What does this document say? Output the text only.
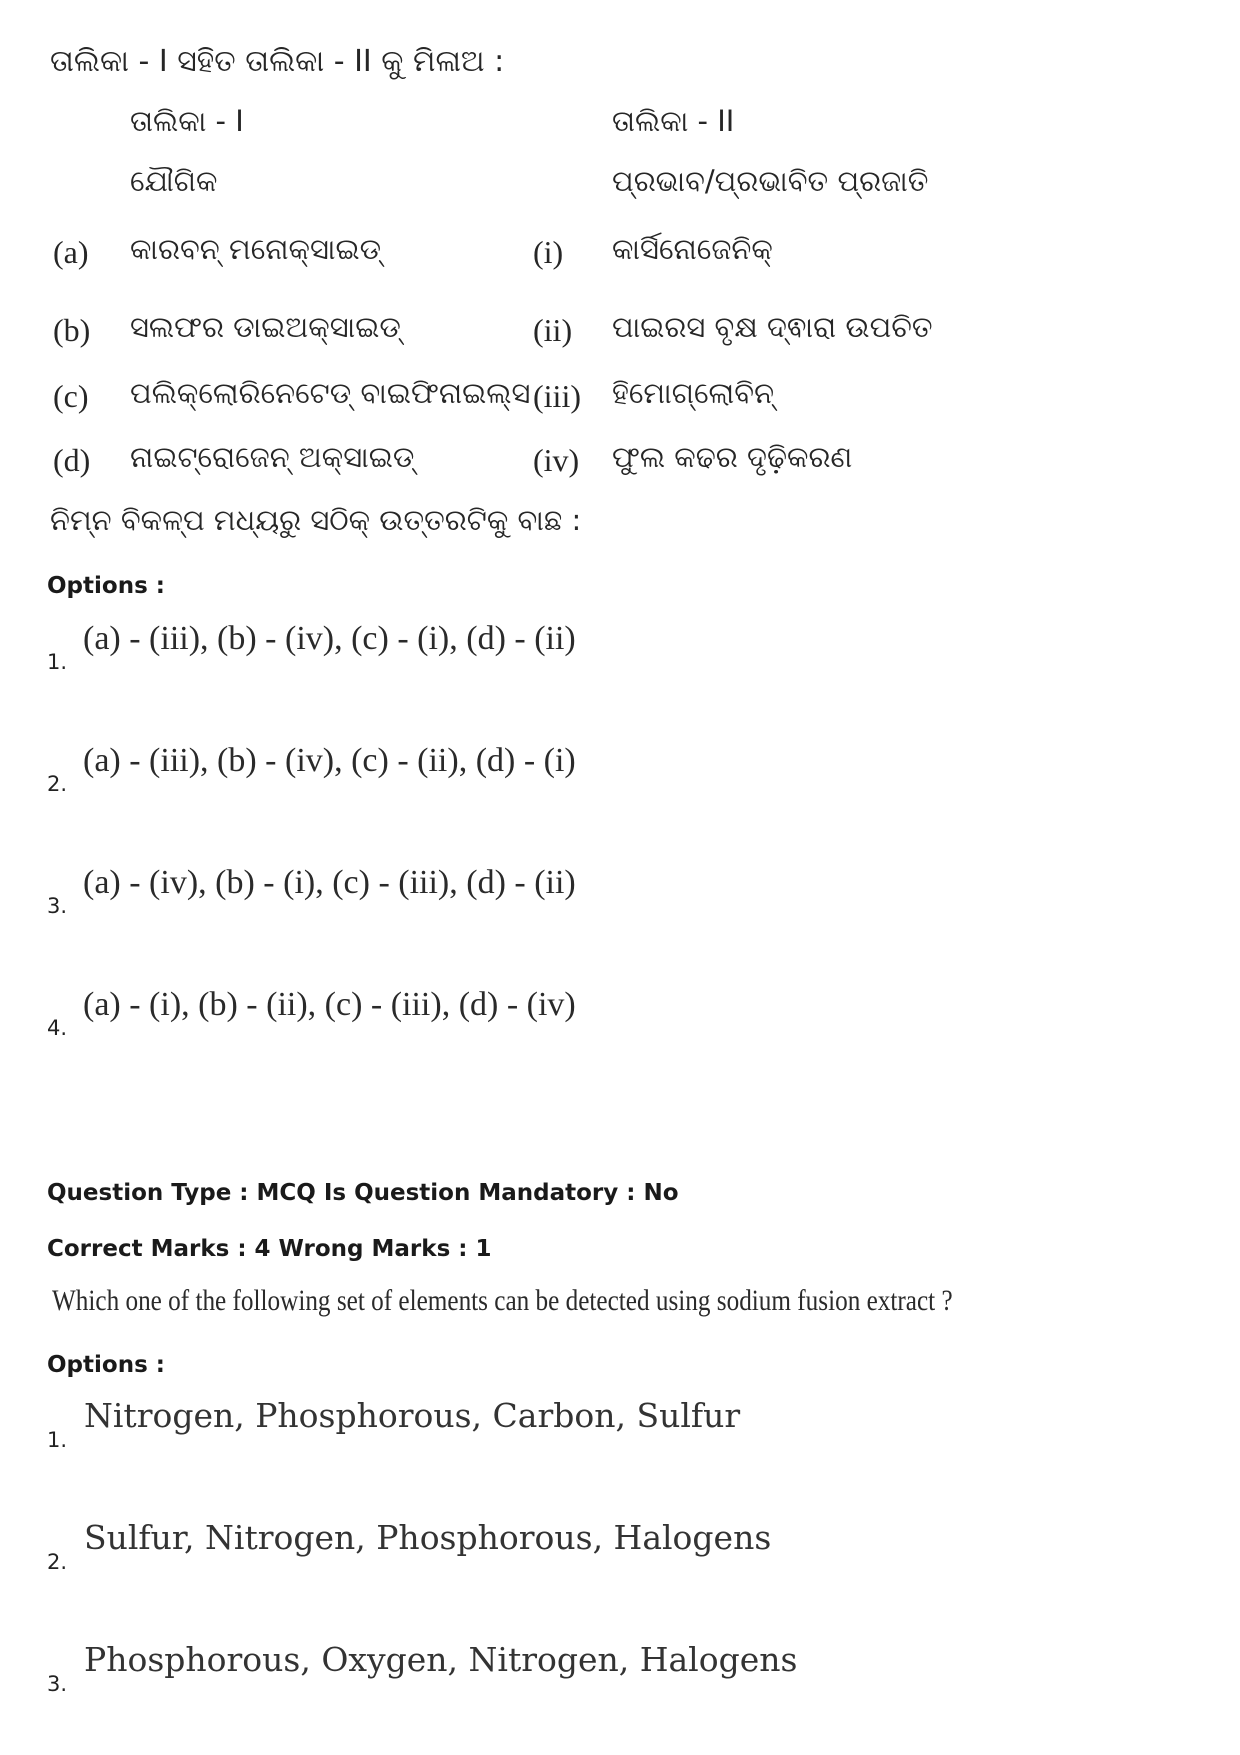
ତାଲିକା - I ସହିତ ତାଲିକା - II କୁ ମିଳାଅ :
ତାଲିକା - I	ତାଲିକା - II
ଯୌଗିକ	ପ୍ରଭାବ/ପ୍ରଭାବିତ ପ୍ରଜାତି
(a) କାରବନ୍ ମନୋକ୍ସାଇଡ୍	(i) କାର୍ସିନୋଜେନିକ୍
(b) ସଲଫର ଡାଇଅକ୍ସାଇଡ୍	(ii) ପାଇରସ ବୃକ୍ଷ ଦ୍ଵାରା ଉପଚିତ
(c) ପଲିକ୍ଲୋରିନେଟେଡ୍ ବାଇଫିନାଇଲ୍ସ (iii) ହିମୋଗ୍ଲୋବିନ୍
(d) ନାଇଟ୍ରୋଜେନ୍ ଅକ୍ସାଇଡ୍	(iv) ଫୁଲ କଢର ଦୃଢ଼ିକରଣ
ନିମ୍ନ ବିକଳ୍ପ ମଧ୍ୟରୁ ସଠିକ୍ ଉତ୍ତରଟିକୁ ବାଛ :
Options :
1.
(a) - (iii), (b) - (iv), (c) - (i), (d) - (ii)
2.
(a) - (iii), (b) - (iv), (c) - (ii), (d) - (i)
3.
(a) - (iv), (b) - (i), (c) - (iii), (d) - (ii)
4.
(a) - (i), (b) - (ii), (c) - (iii), (d) - (iv)
Question Type : MCQ Is Question Mandatory : No
Correct Marks : 4 Wrong Marks : 1
Which one of the following set of elements can be detected using sodium fusion extract ?
Options :
1.
Nitrogen, Phosphorous, Carbon, Sulfur
2.
Sulfur, Nitrogen, Phosphorous, Halogens
3.
Phosphorous, Oxygen, Nitrogen, Halogens
